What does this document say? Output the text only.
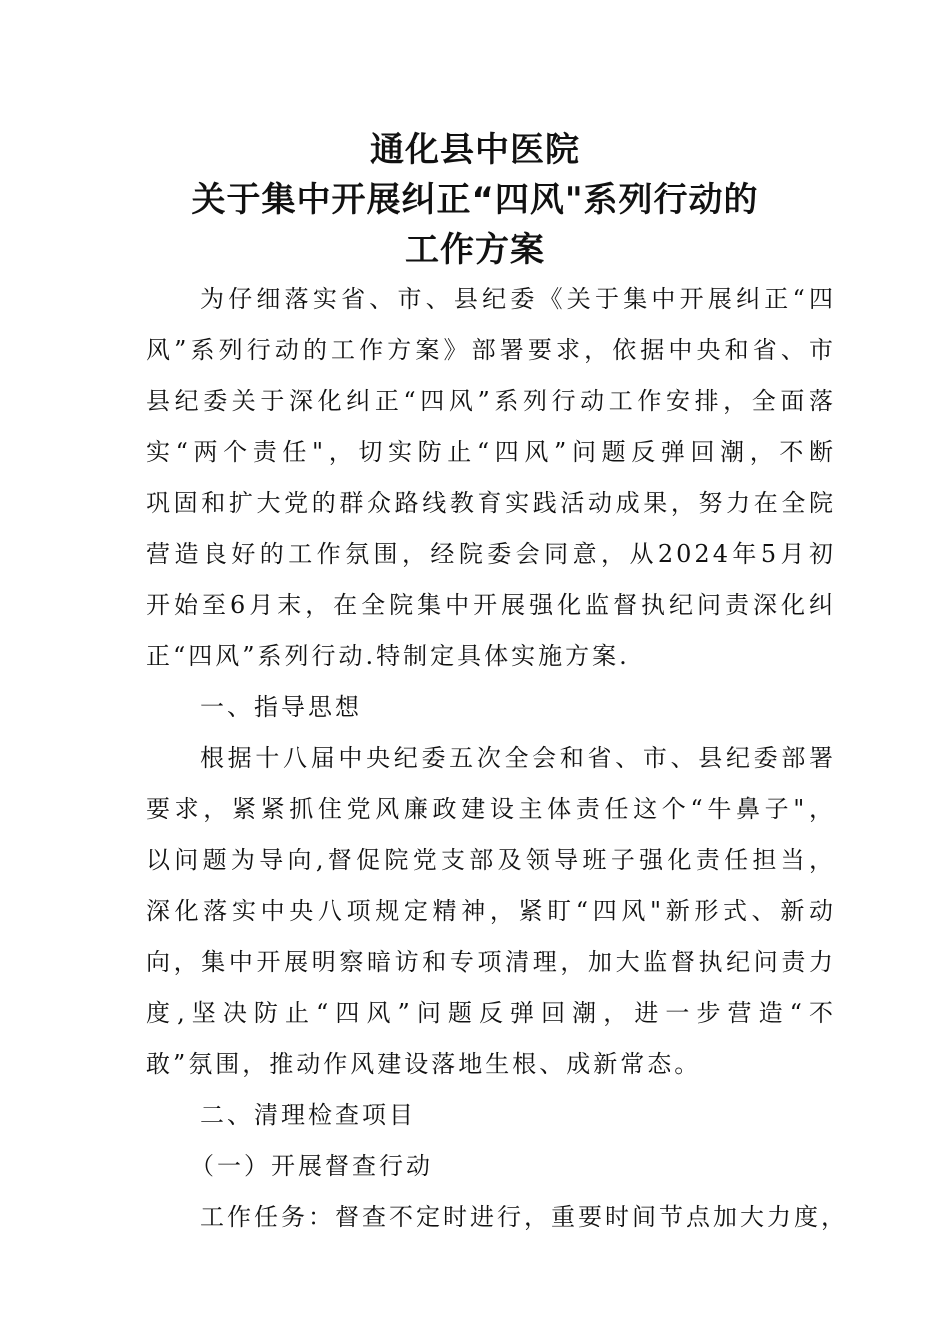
通化县中医院
关于集中开展纠正“四风"系列行动的
工作方案
为仔细落实省、市、县纪委《关于集中开展纠正“四
风”系列行动的工作方案》部署要求，依据中央和省、市
县纪委关于深化纠正“四风”系列行动工作安排，全面落
实“两个责任"，切实防止“四风”问题反弹回潮，不断
巩固和扩大党的群众路线教育实践活动成果，努力在全院
营造良好的工作氛围，经院委会同意，从2024年5月初
开始至6月末，在全院集中开展强化监督执纪问责深化纠
正“四风”系列行动.特制定具体实施方案.
一、指导思想
根据十八届中央纪委五次全会和省、市、县纪委部署
要求，紧紧抓住党风廉政建设主体责任这个“牛鼻子"，
以问题为导向,督促院党支部及领导班子强化责任担当，
深化落实中央八项规定精神，紧盯“四风"新形式、新动
向，集中开展明察暗访和专项清理，加大监督执纪问责力
度,坚决防止“四风”问题反弹回潮，进一步营造“不
敢”氛围，推动作风建设落地生根、成新常态。
二、清理检查项目
（一）开展督查行动
工作任务：督查不定时进行，重要时间节点加大力度，
